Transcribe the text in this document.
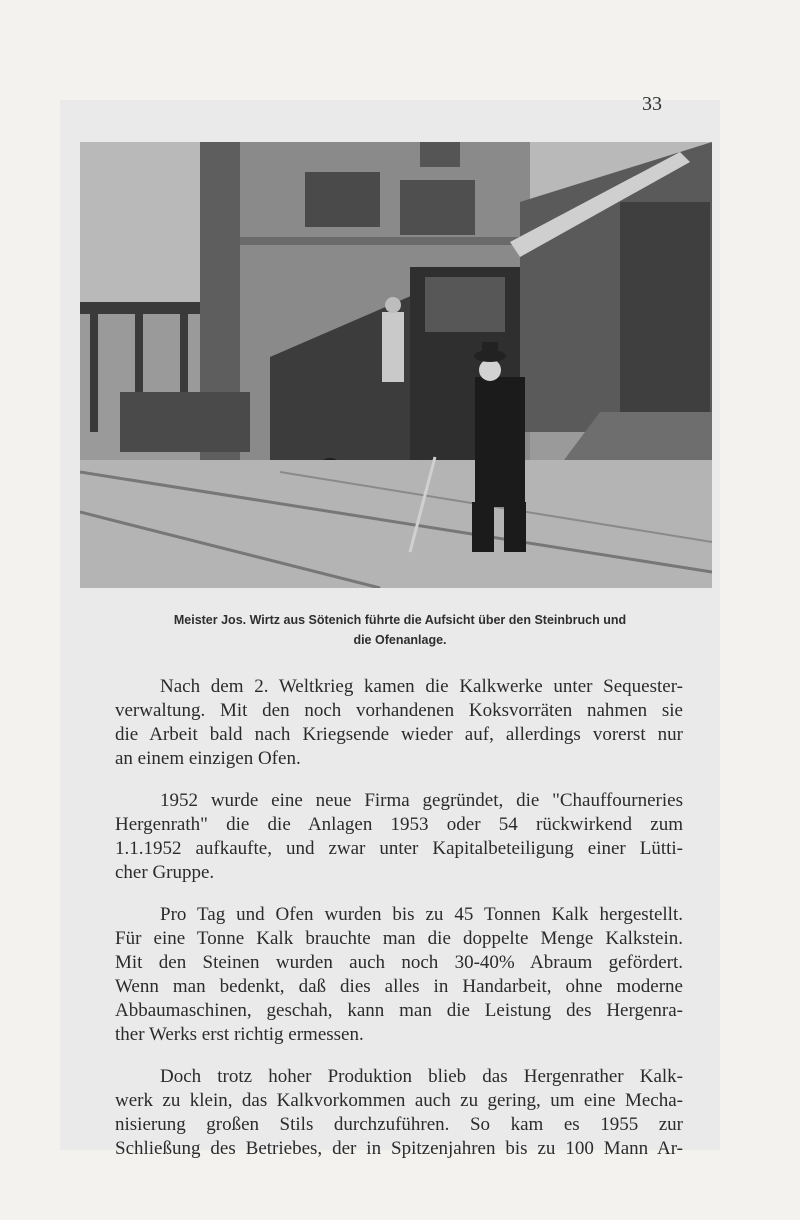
33
Meister Jos. Wirtz aus Sötenich führte die Aufsicht über den Steinbruch und
die Ofenanlage.
Nach dem 2. Weltkrieg kamen die Kalkwerke unter Sequester-
verwaltung. Mit den noch vorhandenen Koksvorräten nahmen sie
die Arbeit bald nach Kriegsende wieder auf, allerdings vorerst nur
an einem einzigen Ofen.
1952 wurde eine neue Firma gegründet, die "Chauffourneries
Hergenrath" die die Anlagen 1953 oder 54 rückwirkend zum
1.1.1952 aufkaufte, und zwar unter Kapitalbeteiligung einer Lütti-
cher Gruppe.
Pro Tag und Ofen wurden bis zu 45 Tonnen Kalk hergestellt.
Für eine Tonne Kalk brauchte man die doppelte Menge Kalkstein.
Mit den Steinen wurden auch noch 30-40% Abraum gefördert.
Wenn man bedenkt, daß dies alles in Handarbeit, ohne moderne
Abbaumaschinen, geschah, kann man die Leistung des Hergenra-
ther Werks erst richtig ermessen.
Doch trotz hoher Produktion blieb das Hergenrather Kalk-
werk zu klein, das Kalkvorkommen auch zu gering, um eine Mecha-
nisierung großen Stils durchzuführen. So kam es 1955 zur
Schließung des Betriebes, der in Spitzenjahren bis zu 100 Mann Ar-
